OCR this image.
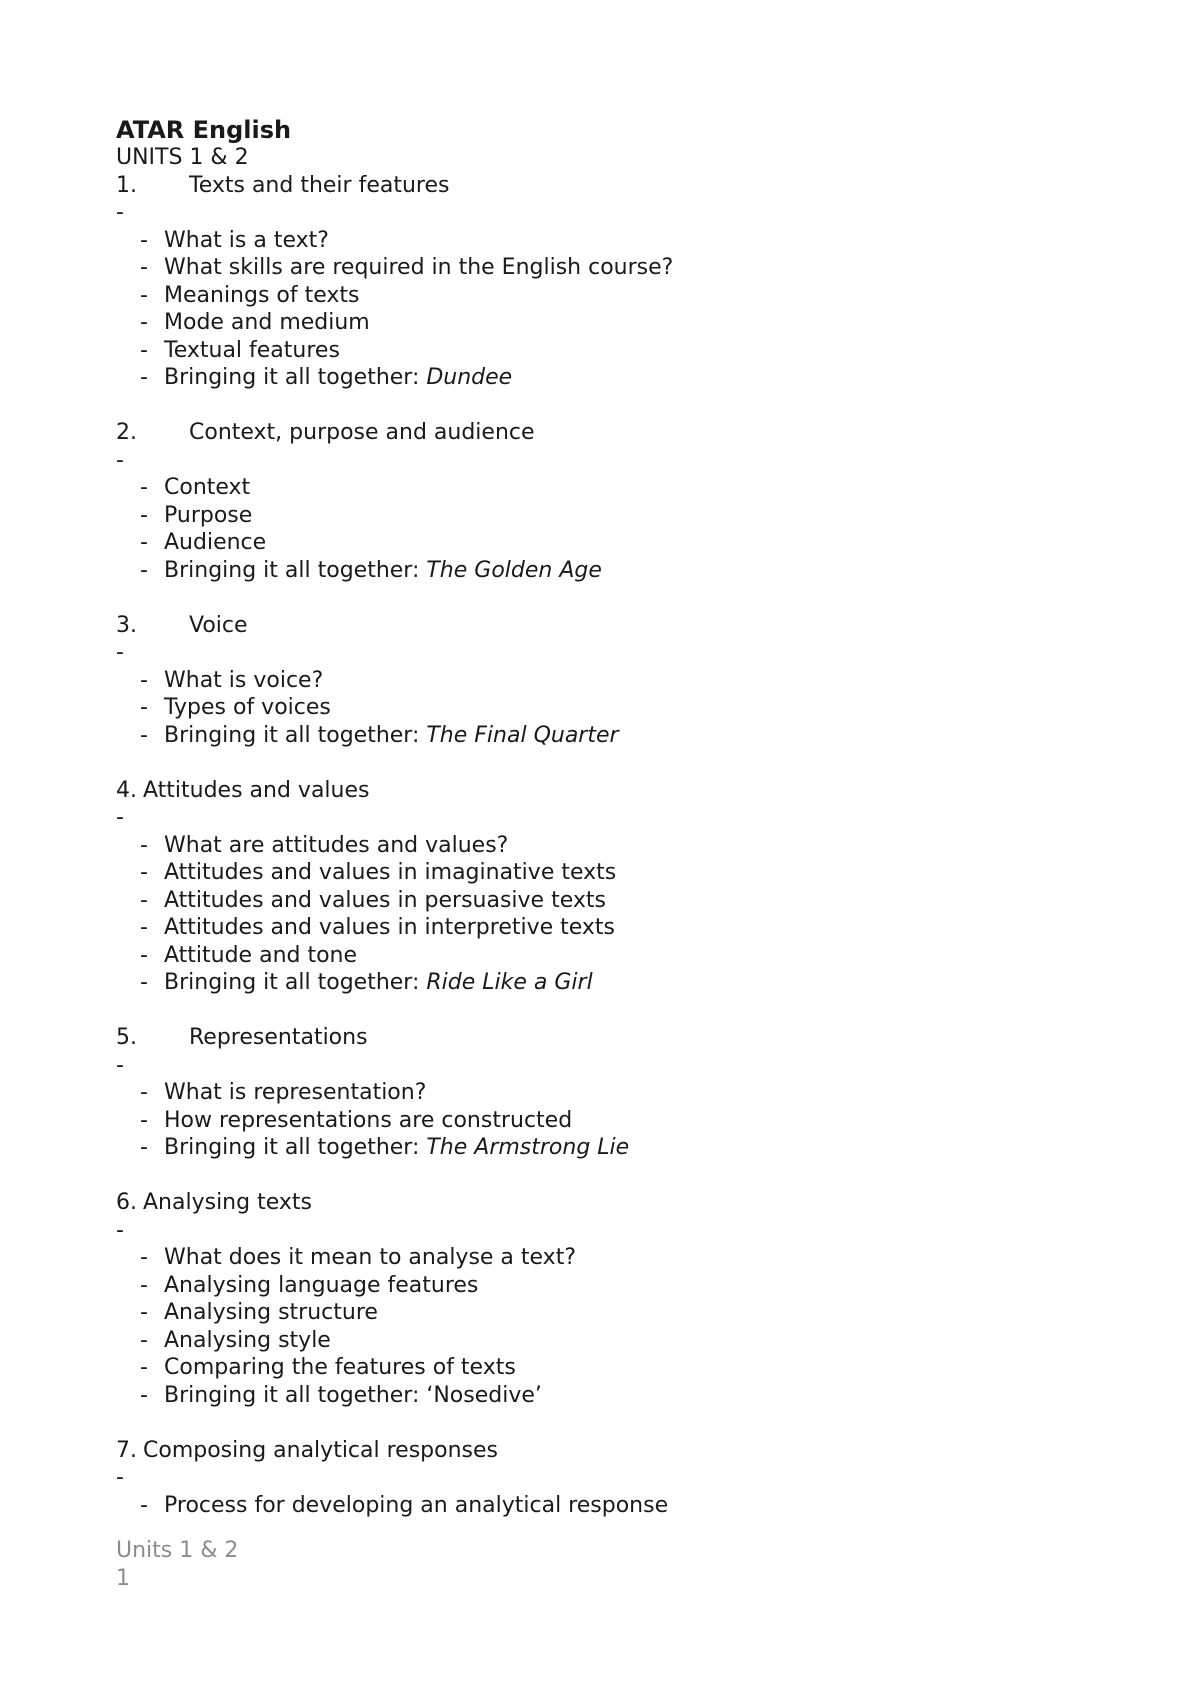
ATAR English

UNITS 1 & 2

1.	Texts and their features
-
- What is a text?
- What skills are required in the English course?
- Meanings of texts
- Mode and medium
- Textual features
- Bringing it all together: Dundee
2.	Context, purpose and audience
-
- Context
- Purpose
- Audience
- Bringing it all together: The Golden Age
3.	Voice
-
- What is voice?
- Types of voices
- Bringing it all together: The Final Quarter
4. Attitudes and values
-
- What are attitudes and values?
- Attitudes and values in imaginative texts
- Attitudes and values in persuasive texts
- Attitudes and values in interpretive texts
- Attitude and tone
- Bringing it all together: Ride Like a Girl
5.	Representations
-
- What is representation?
- How representations are constructed
- Bringing it all together: The Armstrong Lie
6. Analysing texts
-
- What does it mean to analyse a text?
- Analysing language features
- Analysing structure
- Analysing style
- Comparing the features of texts
- Bringing it all together: ‘Nosedive’
7. Composing analytical responses
-
- Process for developing an analytical response
Units 1 & 2
1
